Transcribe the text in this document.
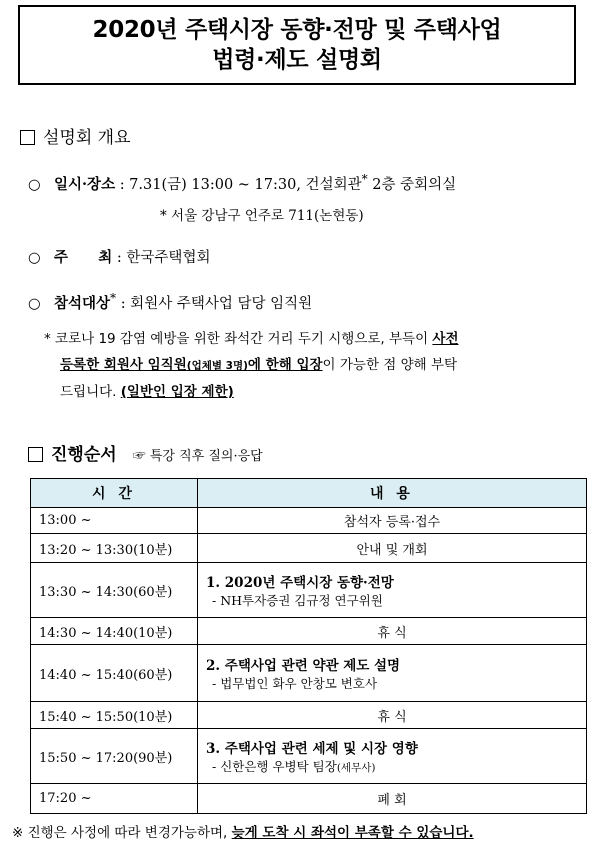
2020년 주택시장 동향·전망 및 주택사업
법령·제도 설명회
설명회 개요
○ 일시·장소 : 7.31(금) 13:00 ~ 17:30, 건설회관* 2층 중회의실
* 서울 강남구 언주로 711(논현동)
○ 주      최 : 한국주택협회
○ 참석대상* : 회원사 주택사업 담당 임직원
* 코로나 19 감염 예방을 위한 좌석간 거리 두기 시행으로, 부득이 사전
등록한 회원사 임직원(업체별 3명)에 한해 입장이 가능한 점 양해 부탁
드립니다. (일반인 입장 제한)
진행순서 ☞ 특강 직후 질의·응답
시 간	내 용
13:00 ~	참석자 등록·접수
13:20 ~ 13:30(10분)	안내 및 개회
13:30 ~ 14:30(60분)	1. 2020년 주택시장 동향·전망
- NH투자증권 김규정 연구위원

14:30 ~ 14:40(10분)	휴 식
14:40 ~ 15:40(60분)	2. 주택사업 관련 약관 제도 설명
- 법무법인 화우 안창모 변호사

15:40 ~ 15:50(10분)	휴 식
15:50 ~ 17:20(90분)	3. 주택사업 관련 세제 및 시장 영향
- 신한은행 우병탁 팀장(세무사)

17:20 ~	폐 회
※ 진행은 사정에 따라 변경가능하며, 늦게 도착 시 좌석이 부족할 수 있습니다.
